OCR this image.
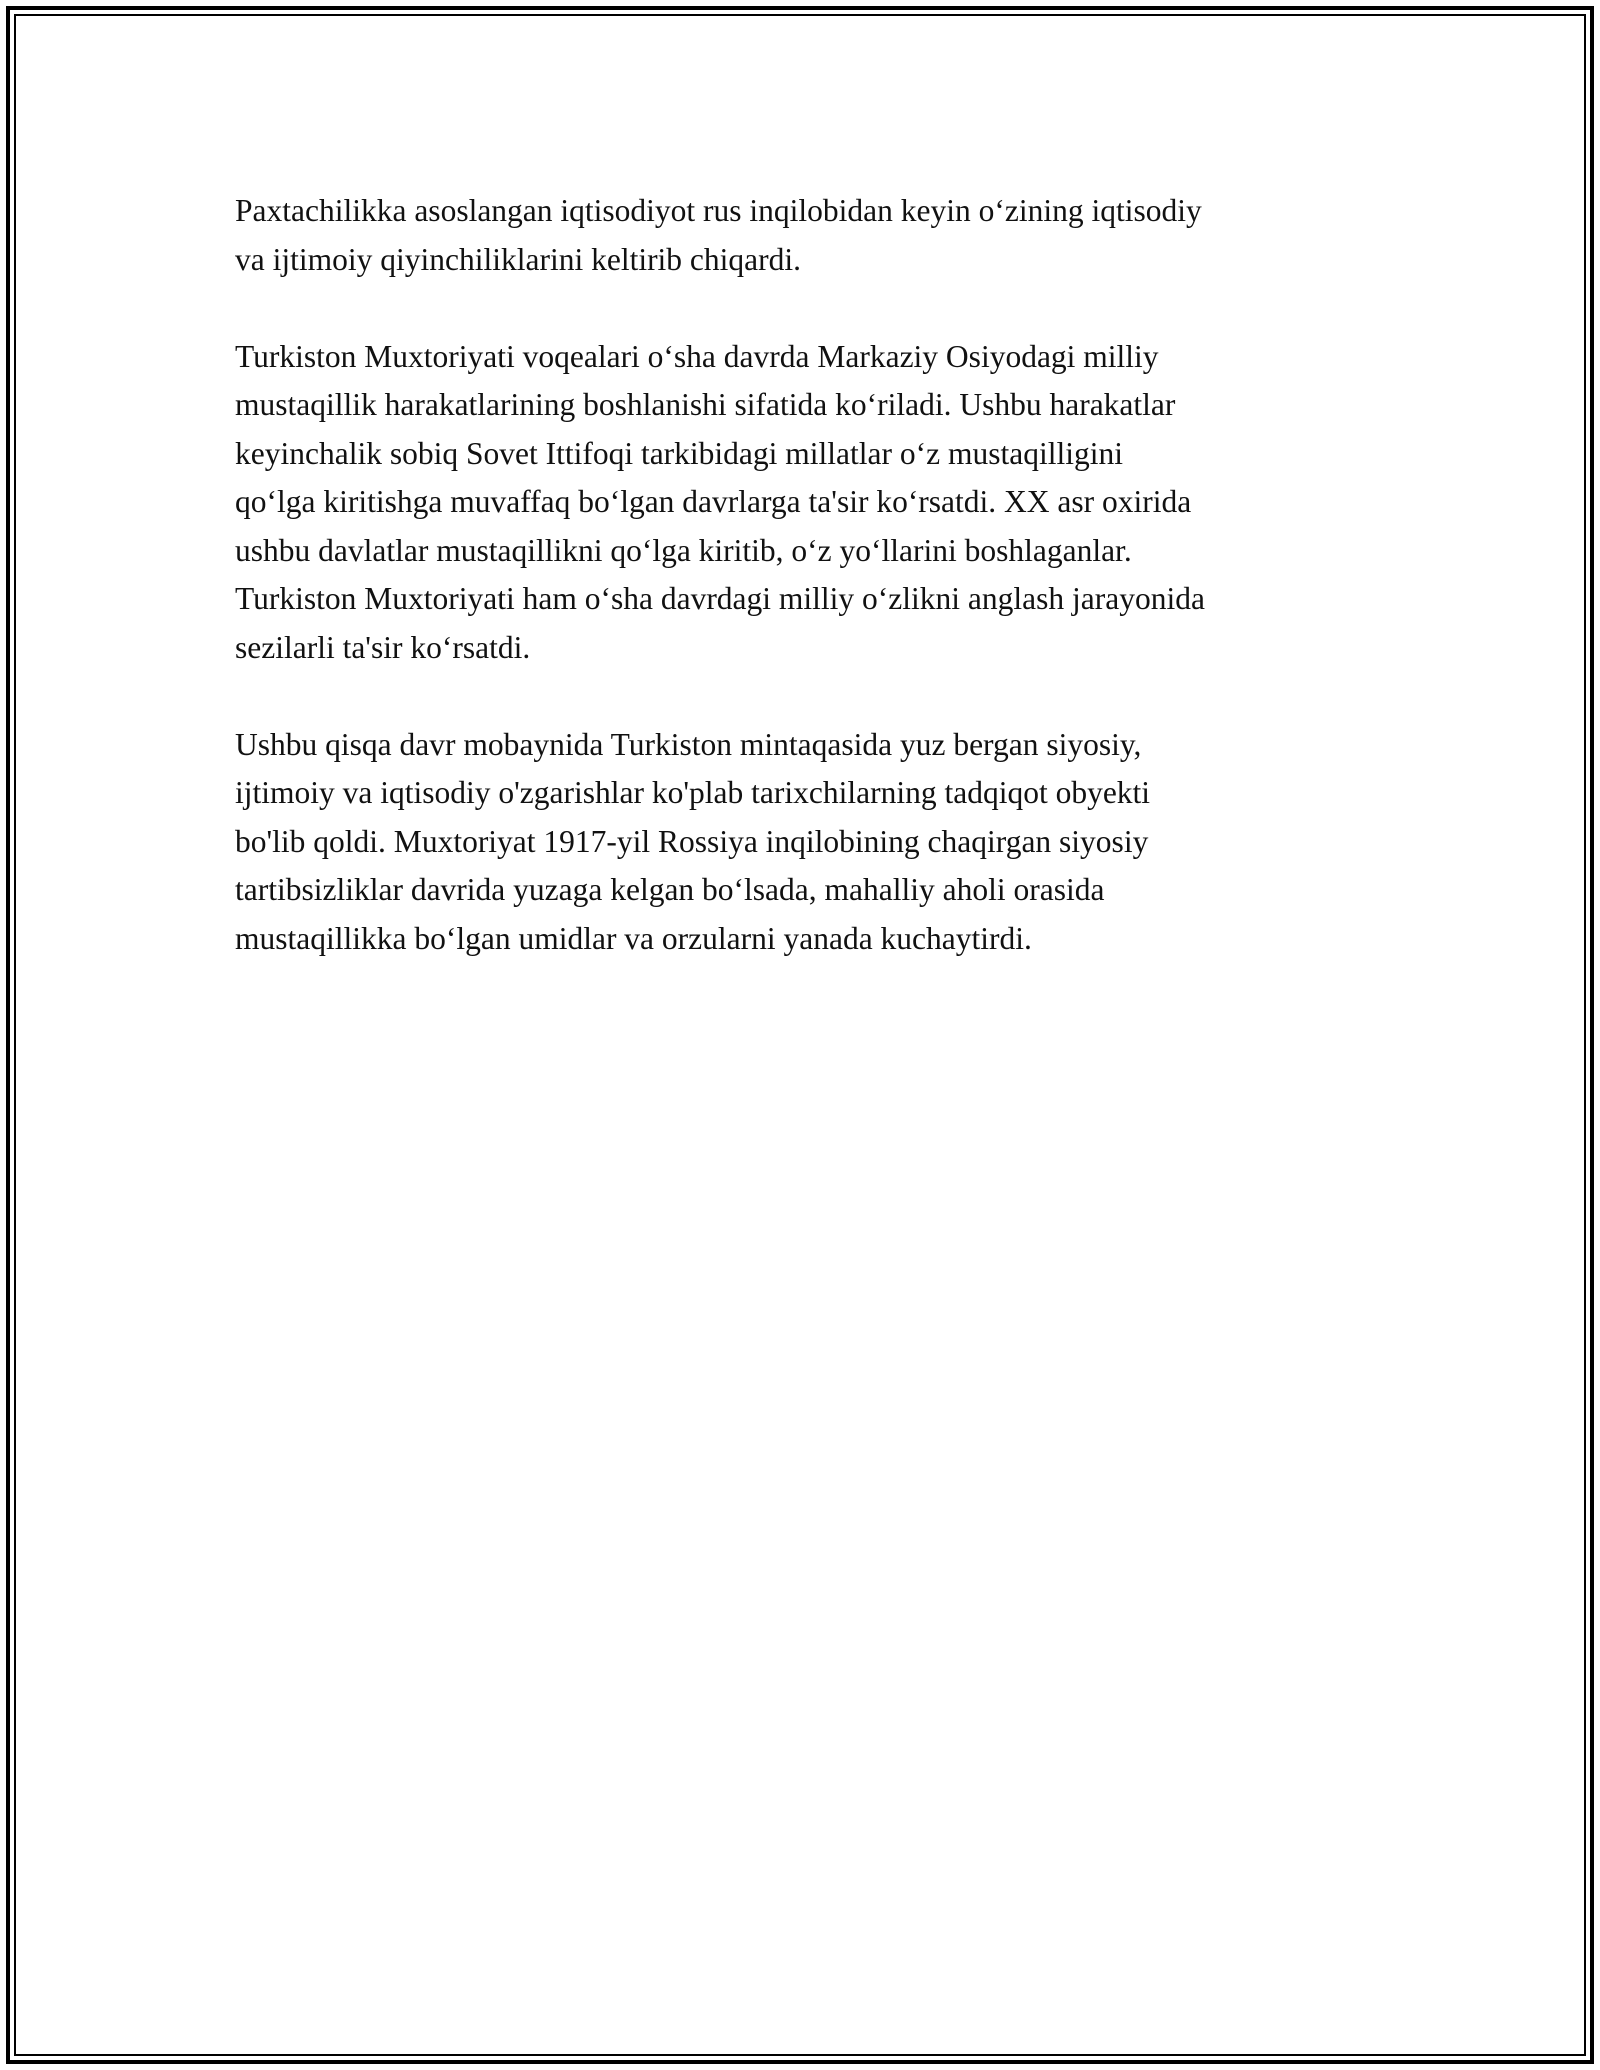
Paxtachilikka asoslangan iqtisodiyot rus inqilobidan keyin o‘zining iqtisodiy
va ijtimoiy qiyinchiliklarini keltirib chiqardi.

Turkiston Muxtoriyati voqealari o‘sha davrda Markaziy Osiyodagi milliy
mustaqillik harakatlarining boshlanishi sifatida ko‘riladi. Ushbu harakatlar
keyinchalik sobiq Sovet Ittifoqi tarkibidagi millatlar o‘z mustaqilligini
qo‘lga kiritishga muvaffaq bo‘lgan davrlarga ta'sir ko‘rsatdi. XX asr oxirida
ushbu davlatlar mustaqillikni qo‘lga kiritib, o‘z yo‘llarini boshlaganlar.
Turkiston Muxtoriyati ham o‘sha davrdagi milliy o‘zlikni anglash jarayonida
sezilarli ta'sir ko‘rsatdi.

Ushbu qisqa davr mobaynida Turkiston mintaqasida yuz bergan siyosiy,
ijtimoiy va iqtisodiy o'zgarishlar ko'plab tarixchilarning tadqiqot obyekti
bo'lib qoldi. Muxtoriyat 1917-yil Rossiya inqilobining chaqirgan siyosiy
tartibsizliklar davrida yuzaga kelgan bo‘lsada, mahalliy aholi orasida
mustaqillikka bo‘lgan umidlar va orzularni yanada kuchaytirdi.
